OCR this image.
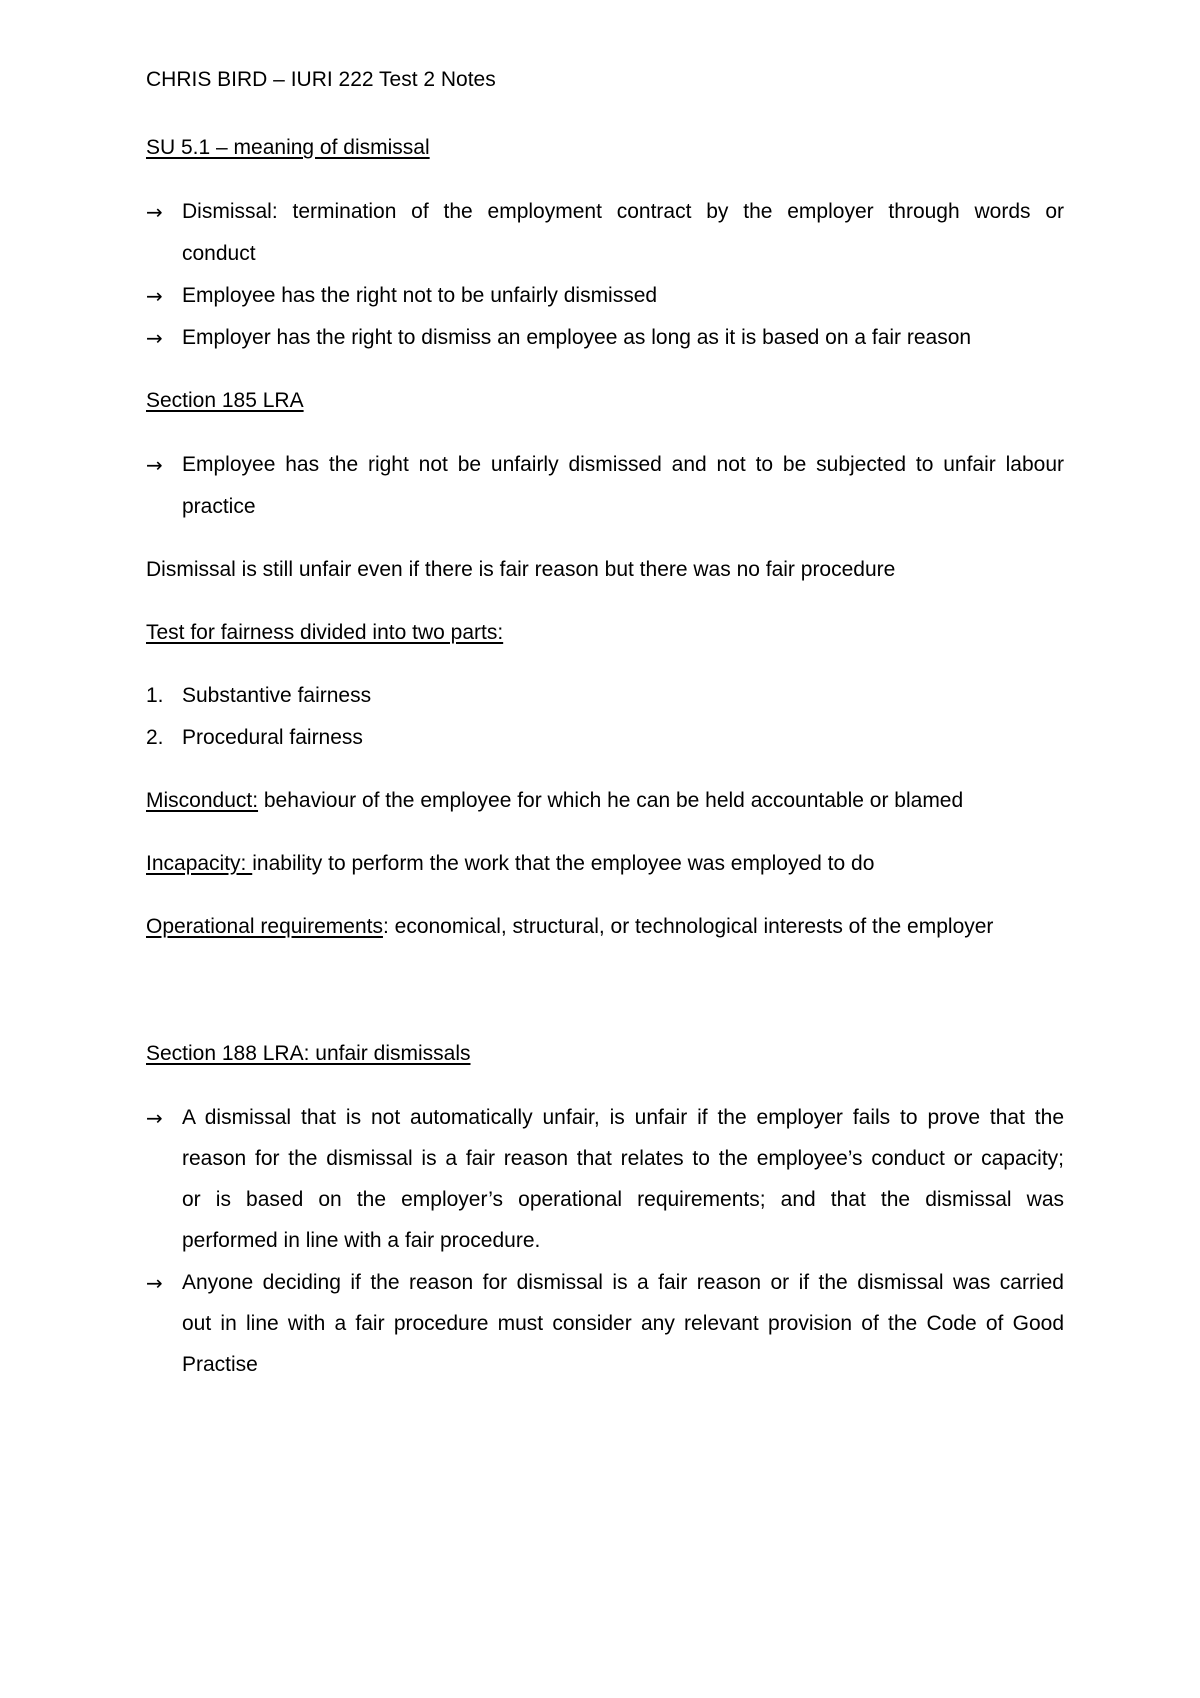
CHRIS BIRD – IURI 222 Test 2 Notes
SU 5.1 – meaning of dismissal
→ Dismissal: termination of the employment contract by the employer through words or
conduct
→ Employee has the right not to be unfairly dismissed
→ Employer has the right to dismiss an employee as long as it is based on a fair reason
Section 185 LRA
→ Employee has the right not be unfairly dismissed and not to be subjected to unfair labour
practice
Dismissal is still unfair even if there is fair reason but there was no fair procedure
Test for fairness divided into two parts:
1. Substantive fairness
2. Procedural fairness
Misconduct: behaviour of the employee for which he can be held accountable or blamed
Incapacity: inability to perform the work that the employee was employed to do
Operational requirements: economical, structural, or technological interests of the employer
Section 188 LRA: unfair dismissals
→ A dismissal that is not automatically unfair, is unfair if the employer fails to prove that the
reason for the dismissal is a fair reason that relates to the employee’s conduct or capacity;
or is based on the employer’s operational requirements; and that the dismissal was
performed in line with a fair procedure.
→ Anyone deciding if the reason for dismissal is a fair reason or if the dismissal was carried
out in line with a fair procedure must consider any relevant provision of the Code of Good
Practise
